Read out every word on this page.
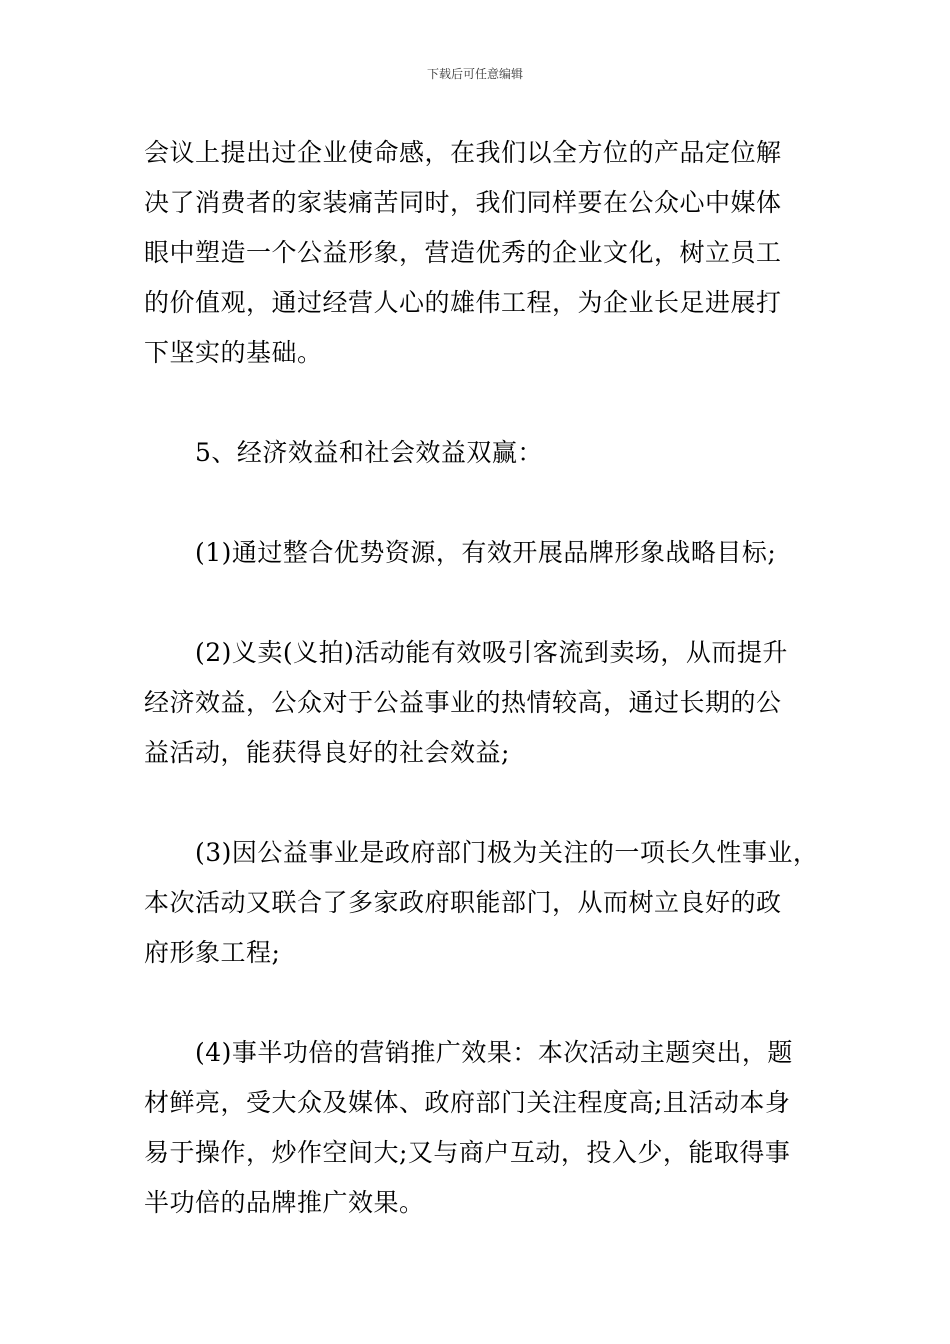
下载后可任意编辑

会议上提出过企业使命感，在我们以全方位的产品定位解
决了消费者的家装痛苦同时，我们同样要在公众心中媒体
眼中塑造一个公益形象，营造优秀的企业文化，树立员工
的价值观，通过经营人心的雄伟工程，为企业长足进展打
下坚实的基础。

5、经济效益和社会效益双赢：

(1)通过整合优势资源，有效开展品牌形象战略目标;

(2)义卖(义拍)活动能有效吸引客流到卖场，从而提升
经济效益，公众对于公益事业的热情较高，通过长期的公
益活动，能获得良好的社会效益;

(3)因公益事业是政府部门极为关注的一项长久性事业，
本次活动又联合了多家政府职能部门，从而树立良好的政
府形象工程;

(4)事半功倍的营销推广效果：本次活动主题突出，题
材鲜亮，受大众及媒体、政府部门关注程度高;且活动本身
易于操作，炒作空间大;又与商户互动，投入少，能取得事
半功倍的品牌推广效果。
